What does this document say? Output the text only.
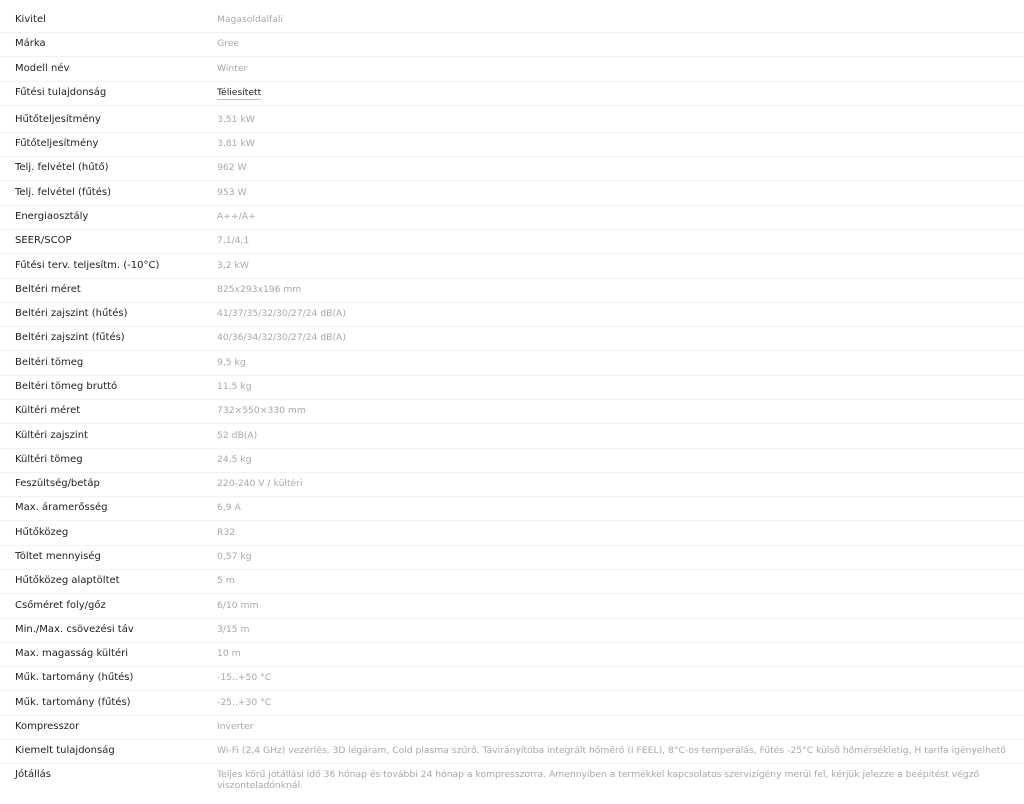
Kivitel	Magasoldalfali
Márka	Gree
Modell név	Winter
Fűtési tulajdonság	Téliesített
Hűtőteljesítmény	3,51 kW
Fűtőteljesítmény	3,81 kW
Telj. felvétel (hűtő)	962 W
Telj. felvétel (fűtés)	953 W
Energiaosztály	A++/A+
SEER/SCOP	7,1/4,1
Fűtési terv. teljesítm. (-10°C)	3,2 kW
Beltéri méret	825x293x196 mm
Beltéri zajszint (hűtés)	41/37/35/32/30/27/24 dB(A)
Beltéri zajszint (fűtés)	40/36/34/32/30/27/24 dB(A)
Beltéri tömeg	9,5 kg
Beltéri tömeg bruttó	11,5 kg
Kültéri méret	732×550×330 mm
Kültéri zajszint	52 dB(A)
Kültéri tömeg	24,5 kg
Feszültség/betáp	220-240 V / kültéri
Max. áramerősség	6,9 A
Hűtőközeg	R32
Töltet mennyiség	0,57 kg
Hűtőközeg alaptöltet	5 m
Csőméret foly/gőz	6/10 mm
Min./Max. csövezési táv	3/15 m
Max. magasság kültéri	10 m
Műk. tartomány (hűtés)	-15..+50 °C
Műk. tartomány (fűtés)	-25..+30 °C
Kompresszor	Inverter
Kiemelt tulajdonság	Wi-Fi (2,4 GHz) vezérlés, 3D légáram, Cold plasma szűrő, Távirányítóba integrált hőmérő (I FEEL), 8°C-os temperálás, Fűtés -25°C külső hőmérsékletig, H tarifa igényelhető
Jótállás	Teljes körű jótállási idő 36 hónap és további 24 hónap a kompresszorra. Amennyiben a termékkel kapcsolatos szervizigény merül fel, kérjük jelezze a beépítést végző viszonteladónknál.
